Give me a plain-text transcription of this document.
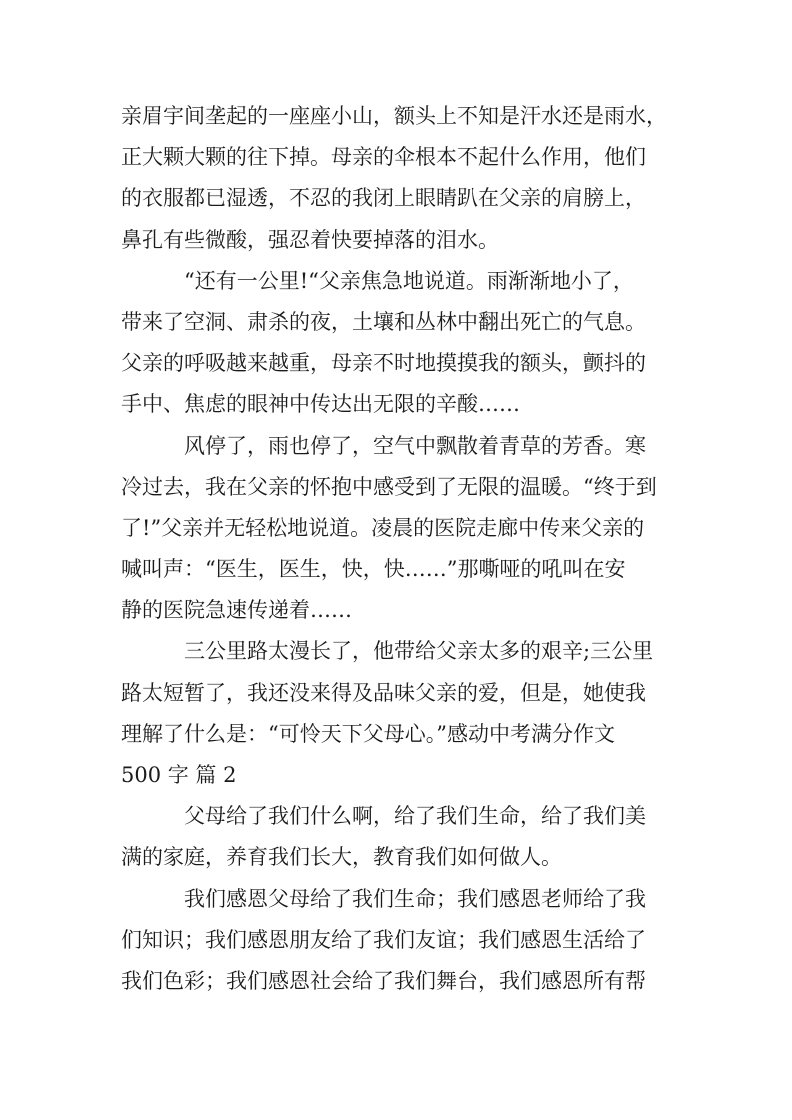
亲眉宇间垄起的一座座小山，额头上不知是汗水还是雨水，
正大颗大颗的往下掉。母亲的伞根本不起什么作用，他们
的衣服都已湿透，不忍的我闭上眼睛趴在父亲的肩膀上，
鼻孔有些微酸，强忍着快要掉落的泪水。
“还有一公里!“父亲焦急地说道。雨渐渐地小了，
带来了空洞、肃杀的夜，土壤和丛林中翻出死亡的气息。
父亲的呼吸越来越重，母亲不时地摸摸我的额头，颤抖的
手中、焦虑的眼神中传达出无限的辛酸……
风停了，雨也停了，空气中飘散着青草的芳香。寒
冷过去，我在父亲的怀抱中感受到了无限的温暖。“终于到
了!”父亲并无轻松地说道。凌晨的医院走廊中传来父亲的
喊叫声：“医生，医生，快，快……”那嘶哑的吼叫在安
静的医院急速传递着……
三公里路太漫长了，他带给父亲太多的艰辛;三公里
路太短暂了，我还没来得及品味父亲的爱，但是，她使我
理解了什么是：“可怜天下父母心。”感动中考满分作文
500 字 篇 2
父母给了我们什么啊，给了我们生命，给了我们美
满的家庭，养育我们长大，教育我们如何做人。
我们感恩父母给了我们生命；我们感恩老师给了我
们知识；我们感恩朋友给了我们友谊；我们感恩生活给了
我们色彩；我们感恩社会给了我们舞台，我们感恩所有帮
